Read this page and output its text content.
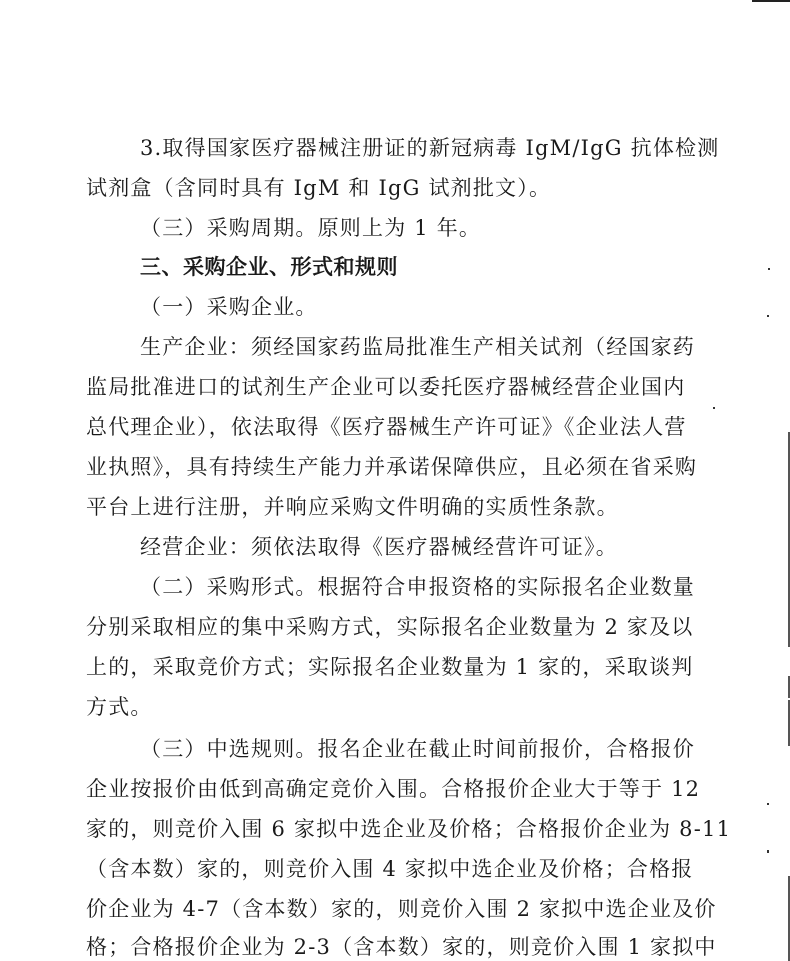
3.取得国家医疗器械注册证的新冠病毒 IgM/IgG 抗体检测
试剂盒（含同时具有 IgM 和 IgG 试剂批文）。
（三）采购周期。原则上为 1 年。
三、采购企业、形式和规则
（一）采购企业。
生产企业：须经国家药监局批准生产相关试剂（经国家药
监局批准进口的试剂生产企业可以委托医疗器械经营企业国内
总代理企业），依法取得《医疗器械生产许可证》《企业法人营
业执照》，具有持续生产能力并承诺保障供应，且必须在省采购
平台上进行注册，并响应采购文件明确的实质性条款。
经营企业：须依法取得《医疗器械经营许可证》。
（二）采购形式。根据符合申报资格的实际报名企业数量
分别采取相应的集中采购方式，实际报名企业数量为 2 家及以
上的，采取竞价方式；实际报名企业数量为 1 家的，采取谈判
方式。
（三）中选规则。报名企业在截止时间前报价，合格报价
企业按报价由低到高确定竞价入围。合格报价企业大于等于 12
家的，则竞价入围 6 家拟中选企业及价格；合格报价企业为 8-11
（含本数）家的，则竞价入围 4 家拟中选企业及价格；合格报
价企业为 4-7（含本数）家的，则竞价入围 2 家拟中选企业及价
格；合格报价企业为 2-3（含本数）家的，则竞价入围 1 家拟中
